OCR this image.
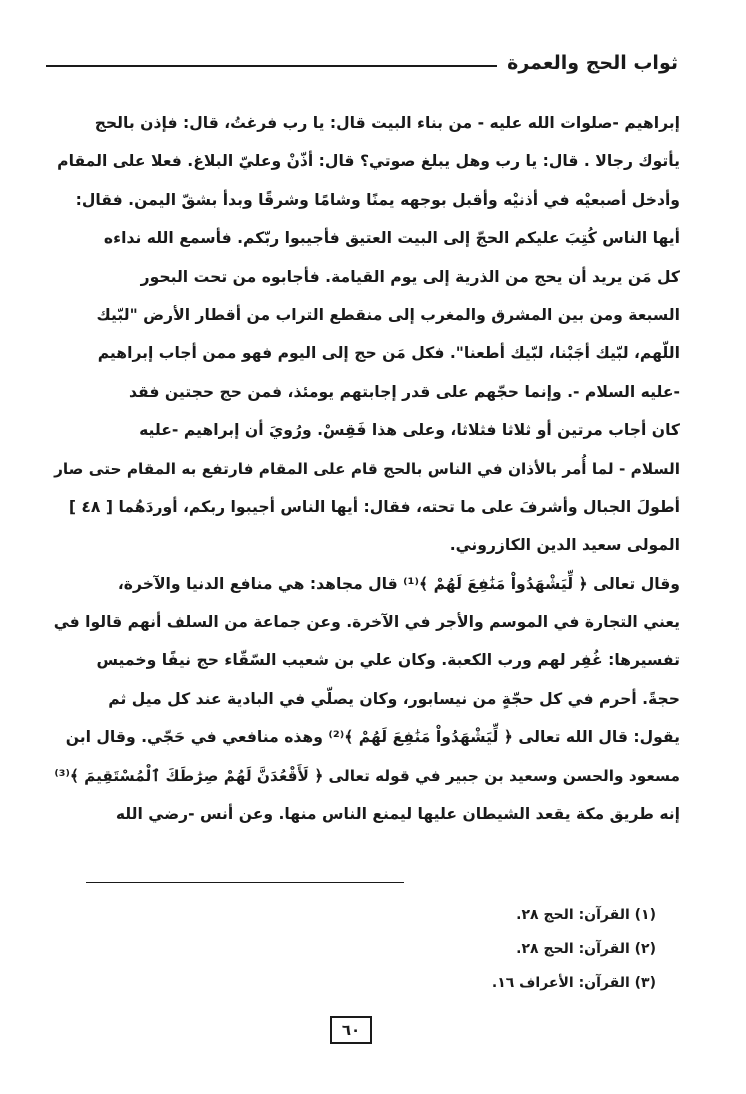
ثواب الحج والعمرة
إبراهيم -صلوات الله عليه - من بناء البيت قال: يا رب فرغتُ، قال: فإذن بالحج
يأتوك رجالا . قال: يا رب وهل يبلغ صوتي؟ قال: أذّنْ وعليّ البلاغ. فعلا على المقام
وأدخل أصبعيْه في أذنيْه وأقبل بوجهه يمنًا وشامًا وشرقًا وبدأ بشقّ اليمن. فقال:
أيها الناس كُتِبَ عليكم الحجّ إلى البيت العتيق فأجيبوا ربّكم. فأسمع الله نداءه
كل مَن يريد أن يحج من الذرية إلى يوم القيامة. فأجابوه من تحت البحور
السبعة ومن بين المشرق والمغرب إلى منقطع التراب من أقطار الأرض "لبّيك
اللّهم، لبّيك أجَبْنا، لبّيك أطعنا". فكل مَن حج إلى اليوم فهو ممن أجاب إبراهيم
-عليه السلام -. وإنما حجّهم على قدر إجابتهم يومئذ، فمن حج حجتين فقد
كان أجاب مرتين أو ثلاثا فثلاثا، وعلى هذا فَقِسْ. ورُويَ أن إبراهيم -عليه
السلام - لما أُمر بالأذان في الناس بالحج قام على المقام فارتفع به المقام حتى صار
أطولَ الجبال وأشرفَ على ما تحته، فقال: أيها الناس أجيبوا ربكم، أوردَهُما [ ٤٨ ]
المولى سعيد الدين الكازروني.
وقال تعالى ﴿ لِّيَشْهَدُواْ مَنَٰفِعَ لَهُمْ ﴾⁽¹⁾ قال مجاهد: هي منافع الدنيا والآخرة،
يعني التجارة في الموسم والأجر في الآخرة. وعن جماعة من السلف أنهم قالوا في
تفسيرها: غُفِر لهم ورب الكعبة. وكان علي بن شعيب السّقّاء حج نيفًا وخميس
حجةً. أحرم في كل حجّةٍ من نيسابور، وكان يصلّي في البادية عند كل ميل ثم
يقول: قال الله تعالى ﴿ لِّيَشْهَدُواْ مَنَٰفِعَ لَهُمْ ﴾⁽²⁾ وهذه منافعي في حَجّي. وقال ابن
مسعود والحسن وسعيد بن جبير في قوله تعالى ﴿ لَأَقْعُدَنَّ لَهُمْ صِرَٰطَكَ ٱلْمُسْتَقِيمَ ﴾⁽³⁾
إنه طريق مكة يقعد الشيطان عليها ليمنع الناس منها. وعن أنس -رضي الله
(١) القرآن: الحج ٢٨.
(٢) القرآن: الحج ٢٨.
(٣) القرآن: الأعراف ١٦.
٦٠
